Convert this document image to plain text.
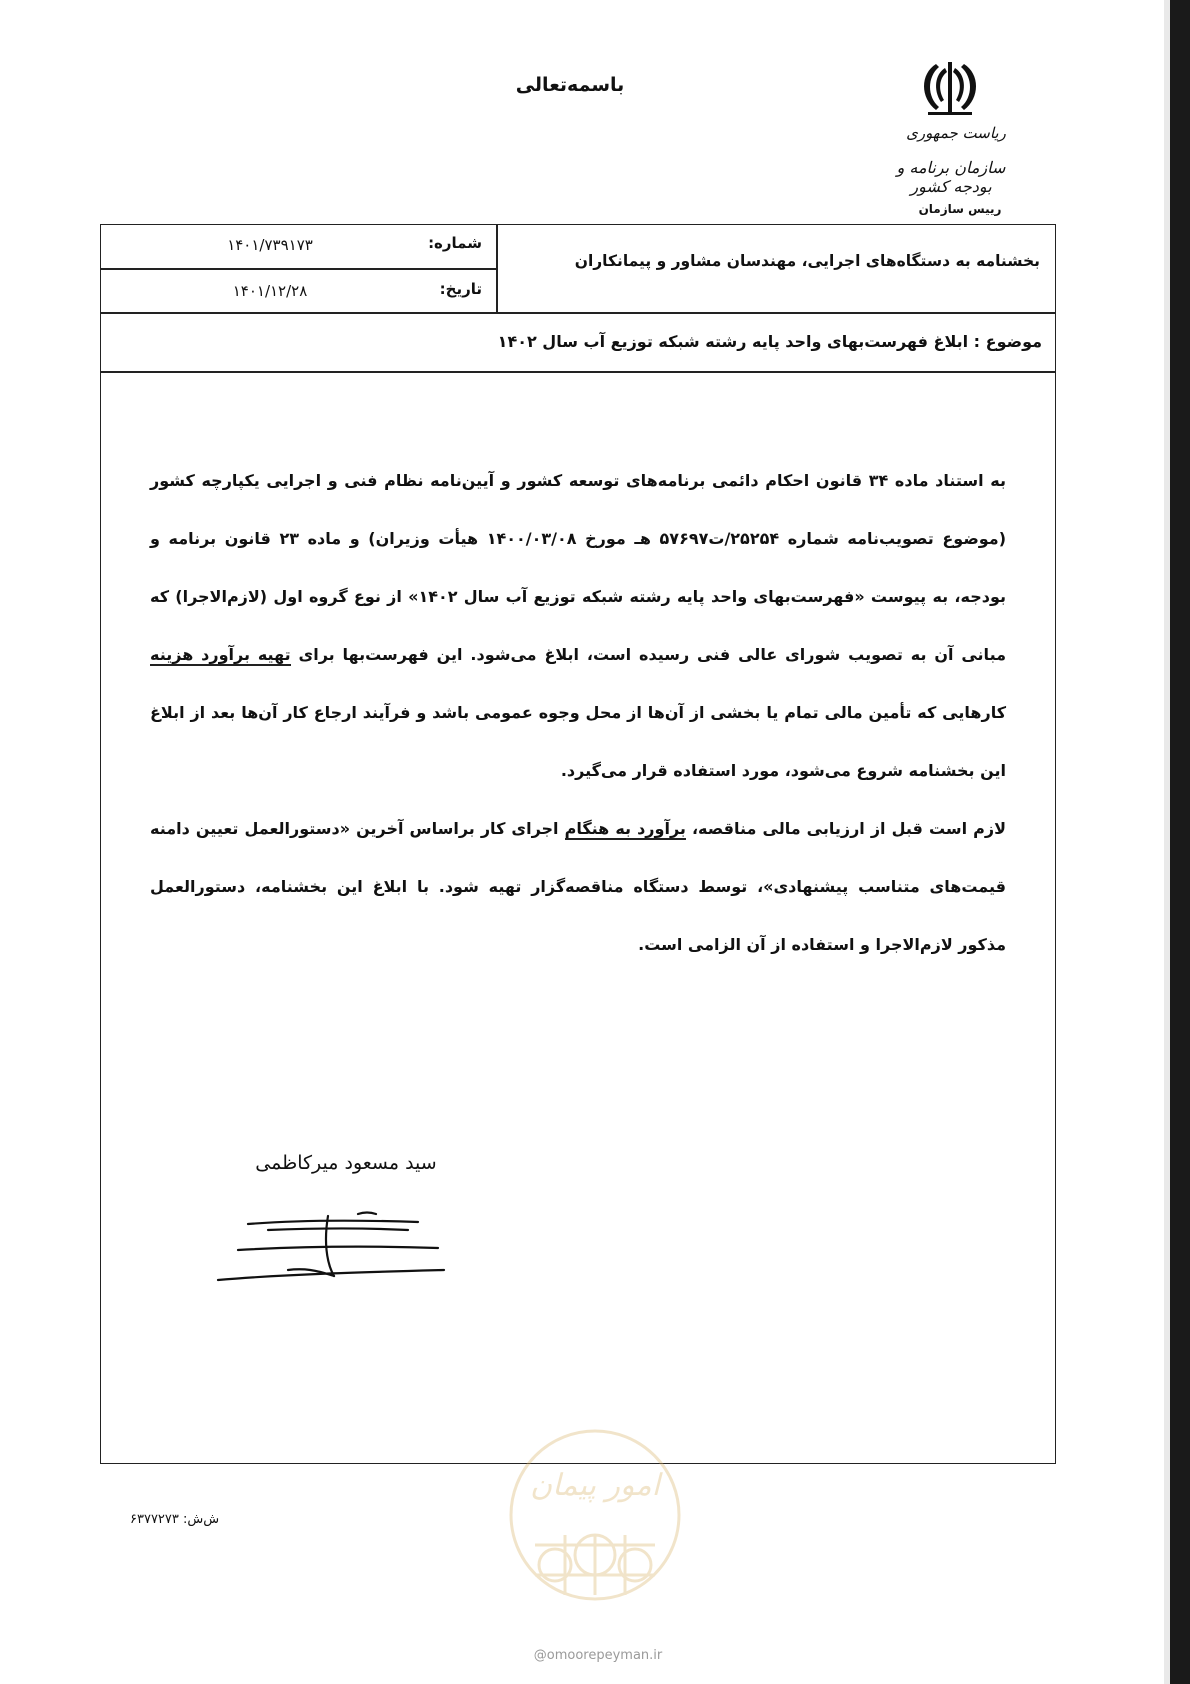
باسمه‌تعالی
ریاست جمهوری
سازمان برنامه و بودجه کشور
رییس سازمان
بخشنامه به دستگاه‌های اجرایی، مهندسان مشاور و پیمانکاران
شماره:
۱۴۰۱/۷۳۹۱۷۳
تاریخ:
۱۴۰۱/۱۲/۲۸
موضوع : ابلاغ فهرست‌بهای واحد پایه رشته شبکه توزیع آب سال ۱۴۰۲

به استناد ماده ۳۴ قانون احکام دائمی برنامه‌های توسعه کشور و آیین‌نامه نظام فنی و اجرایی یکپارچه کشور (موضوع تصویب‌نامه شماره ۲۵۲۵۴/ت۵۷۶۹۷ هـ مورخ ۱۴۰۰/۰۳/۰۸ هیأت وزیران) و ماده ۲۳ قانون برنامه و بودجه، به پیوست «فهرست‌بهای واحد پایه رشته شبکه توزیع آب سال ۱۴۰۲» از نوع گروه اول (لازم‌الاجرا) که مبانی آن به تصویب شورای عالی فنی رسیده است، ابلاغ می‌شود. این فهرست‌بها برای تهیه برآورد هزینه کارهایی که تأمین مالی تمام یا بخشی از آن‌ها از محل وجوه عمومی باشد و فرآیند ارجاع کار آن‌ها بعد از ابلاغ این بخشنامه شروع می‌شود، مورد استفاده قرار می‌گیرد.

لازم است قبل از ارزیابی مالی مناقصه، برآورد به هنگام اجرای کار براساس آخرین «دستورالعمل تعیین دامنه قیمت‌های متناسب پیشنهادی»، توسط دستگاه مناقصه‌گزار تهیه شود. با ابلاغ این بخشنامه، دستورالعمل مذکور لازم‌الاجرا و استفاده از آن الزامی است.

سید مسعود میرکاظمی
ش‌ش: ۶۳۷۷۲۷۳
امور پیمان
@omoorepeyman.ir
